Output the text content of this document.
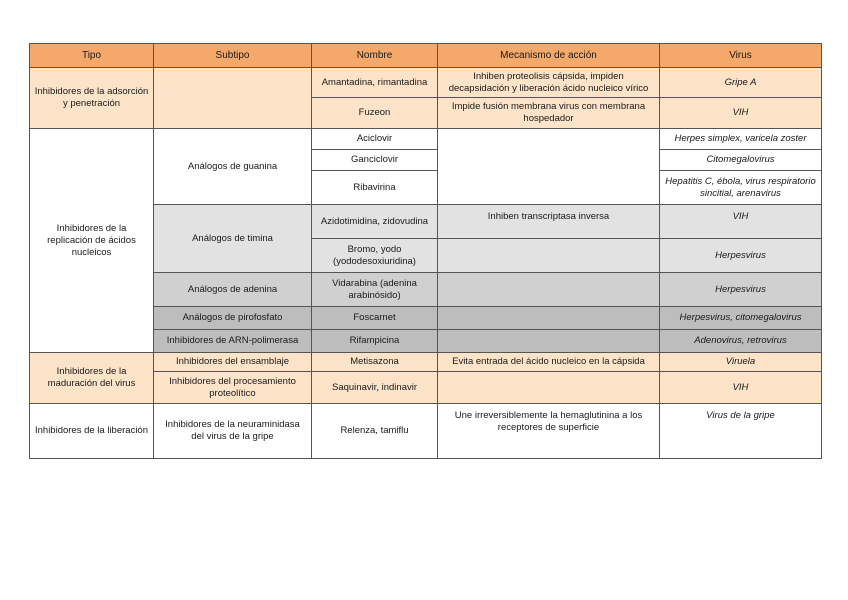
Tipo	Subtipo	Nombre	Mecanismo de acción	Virus
Inhibidores de la adsorción y penetración		Amantadina, rimantadina	Inhiben proteolisis cápsida, impiden decapsidación y liberación ácido nucleico vírico	Gripe A
		Fuzeon	Impide fusión membrana virus con membrana hospedador	VIH
Inhibidores de la replicación de ácidos nucleicos	Análogos de guanina	Aciclovir		Herpes simplex, varicela zoster
		Ganciclovir		Citomegalovirus
		Ribavirina		Hepatitis C, ébola, virus respiratorio sincitial, arenavirus
	Análogos de timina	Azidotimidina, zidovudina	Inhiben transcriptasa inversa	VIH
		Bromo, yodo (yododesoxiuridina)		Herpesvirus
	Análogos de adenina	Vidarabina (adenina arabinósido)		Herpesvirus
	Análogos de pirofosfato	Foscarnet		Herpesvirus, citomegalovirus
	Inhibidores de ARN-polimerasa	Rifampicina		Adenovirus, retrovirus
Inhibidores de la maduración del virus	Inhibidores del ensamblaje	Metisazona	Evita entrada del ácido nucleico en la cápsida	Viruela
	Inhibidores del procesamiento proteolítico	Saquinavir, indinavir		VIH
Inhibidores de la liberación	Inhibidores de la neuraminidasa del virus de la gripe	Relenza, tamiflu	Une irreversiblemente la hemaglutinina a los receptores de superficie	Virus de la gripe
